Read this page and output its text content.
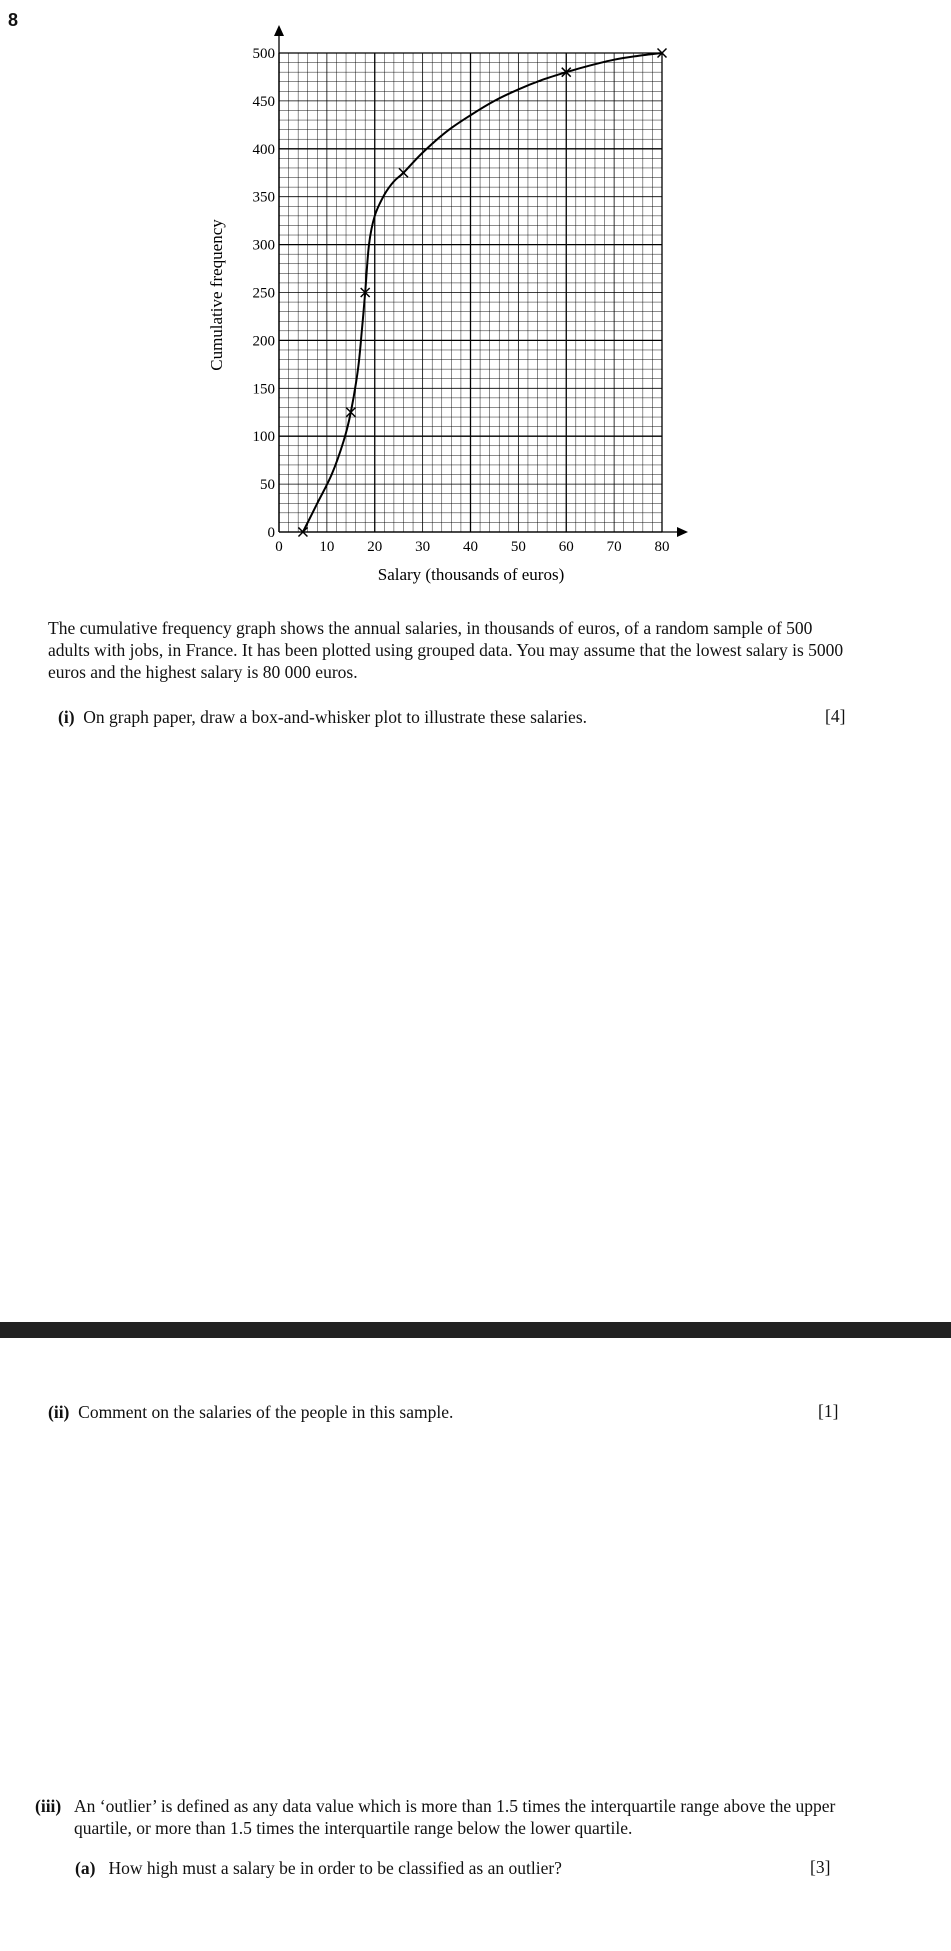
8
0
50
100
150
200
250
300
350
400
450
500
0 10 20 30 40 50 60 70 80
Cumulative frequency
Salary (thousands of euros)
The cumulative frequency graph shows the annual salaries, in thousands of euros, of a random sample of 500 adults with jobs, in France. It has been plotted using grouped data. You may assume that the lowest salary is 5000 euros and the highest salary is 80 000 euros.
(i) On graph paper, draw a box-and-whisker plot to illustrate these salaries.	[4]
(ii) Comment on the salaries of the people in this sample.	[1]
(iii) An ‘outlier’ is defined as any data value which is more than 1.5 times the interquartile range above the upper quartile, or more than 1.5 times the interquartile range below the lower quartile.
(a) How high must a salary be in order to be classified as an outlier?	[3]
